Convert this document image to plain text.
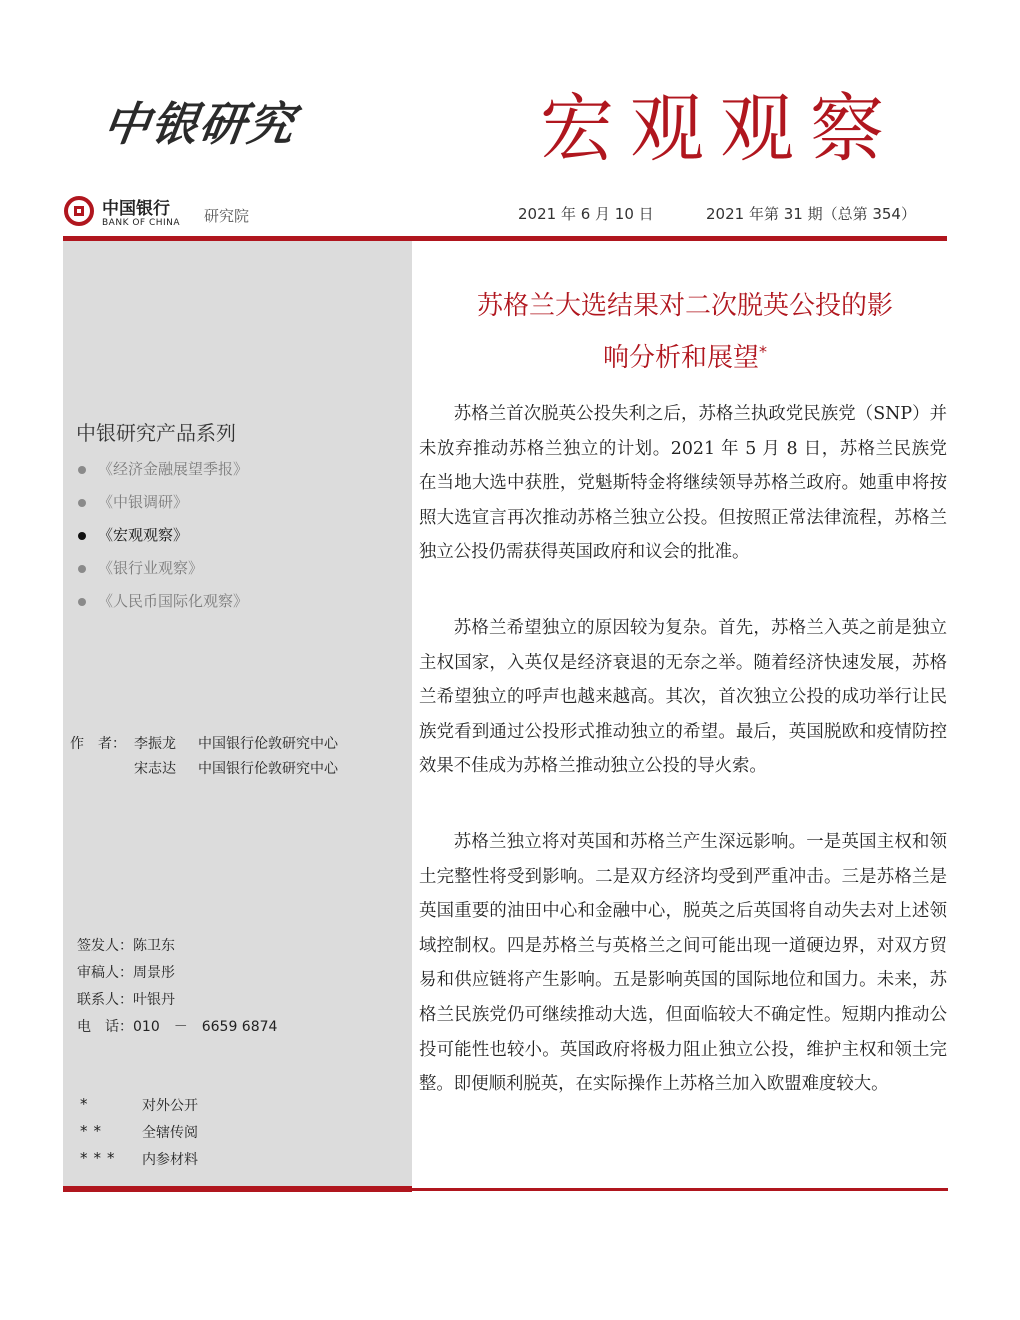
中银研究	宏观观察
中国银行
BANK OF CHINA 研究院	2021 年 6 月 10 日	2021 年第 31 期（总第 354）
中银研究产品系列
《经济金融展望季报》
《中银调研》
《宏观观察》
《银行业观察》
《人民币国际化观察》
作　者： 李振龙 中国银行伦敦研究中心
宋志达 中国银行伦敦研究中心
签发人：陈卫东
审稿人：周景彤
联系人：叶银丹
电　话：010　－　6659 6874
*	对外公开
**	全辖传阅
*** 内参材料
苏格兰大选结果对二次脱英公投的影
响分析和展望*

苏格兰首次脱英公投失利之后，苏格兰执政党民族党（SNP）并未放弃推动苏格兰独立的计划。2021 年 5 月 8 日，苏格兰民族党在当地大选中获胜，党魁斯特金将继续领导苏格兰政府。她重申将按照大选宣言再次推动苏格兰独立公投。但按照正常法律流程，苏格兰独立公投仍需获得英国政府和议会的批准。

苏格兰希望独立的原因较为复杂。首先，苏格兰入英之前是独立主权国家，入英仅是经济衰退的无奈之举。随着经济快速发展，苏格兰希望独立的呼声也越来越高。其次，首次独立公投的成功举行让民族党看到通过公投形式推动独立的希望。最后，英国脱欧和疫情防控效果不佳成为苏格兰推动独立公投的导火索。

苏格兰独立将对英国和苏格兰产生深远影响。一是英国主权和领土完整性将受到影响。二是双方经济均受到严重冲击。三是苏格兰是英国重要的油田中心和金融中心，脱英之后英国将自动失去对上述领域控制权。四是苏格兰与英格兰之间可能出现一道硬边界，对双方贸易和供应链将产生影响。五是影响英国的国际地位和国力。未来，苏格兰民族党仍可继续推动大选，但面临较大不确定性。短期内推动公投可能性也较小。英国政府将极力阻止独立公投，维护主权和领土完整。即便顺利脱英，在实际操作上苏格兰加入欧盟难度较大。
